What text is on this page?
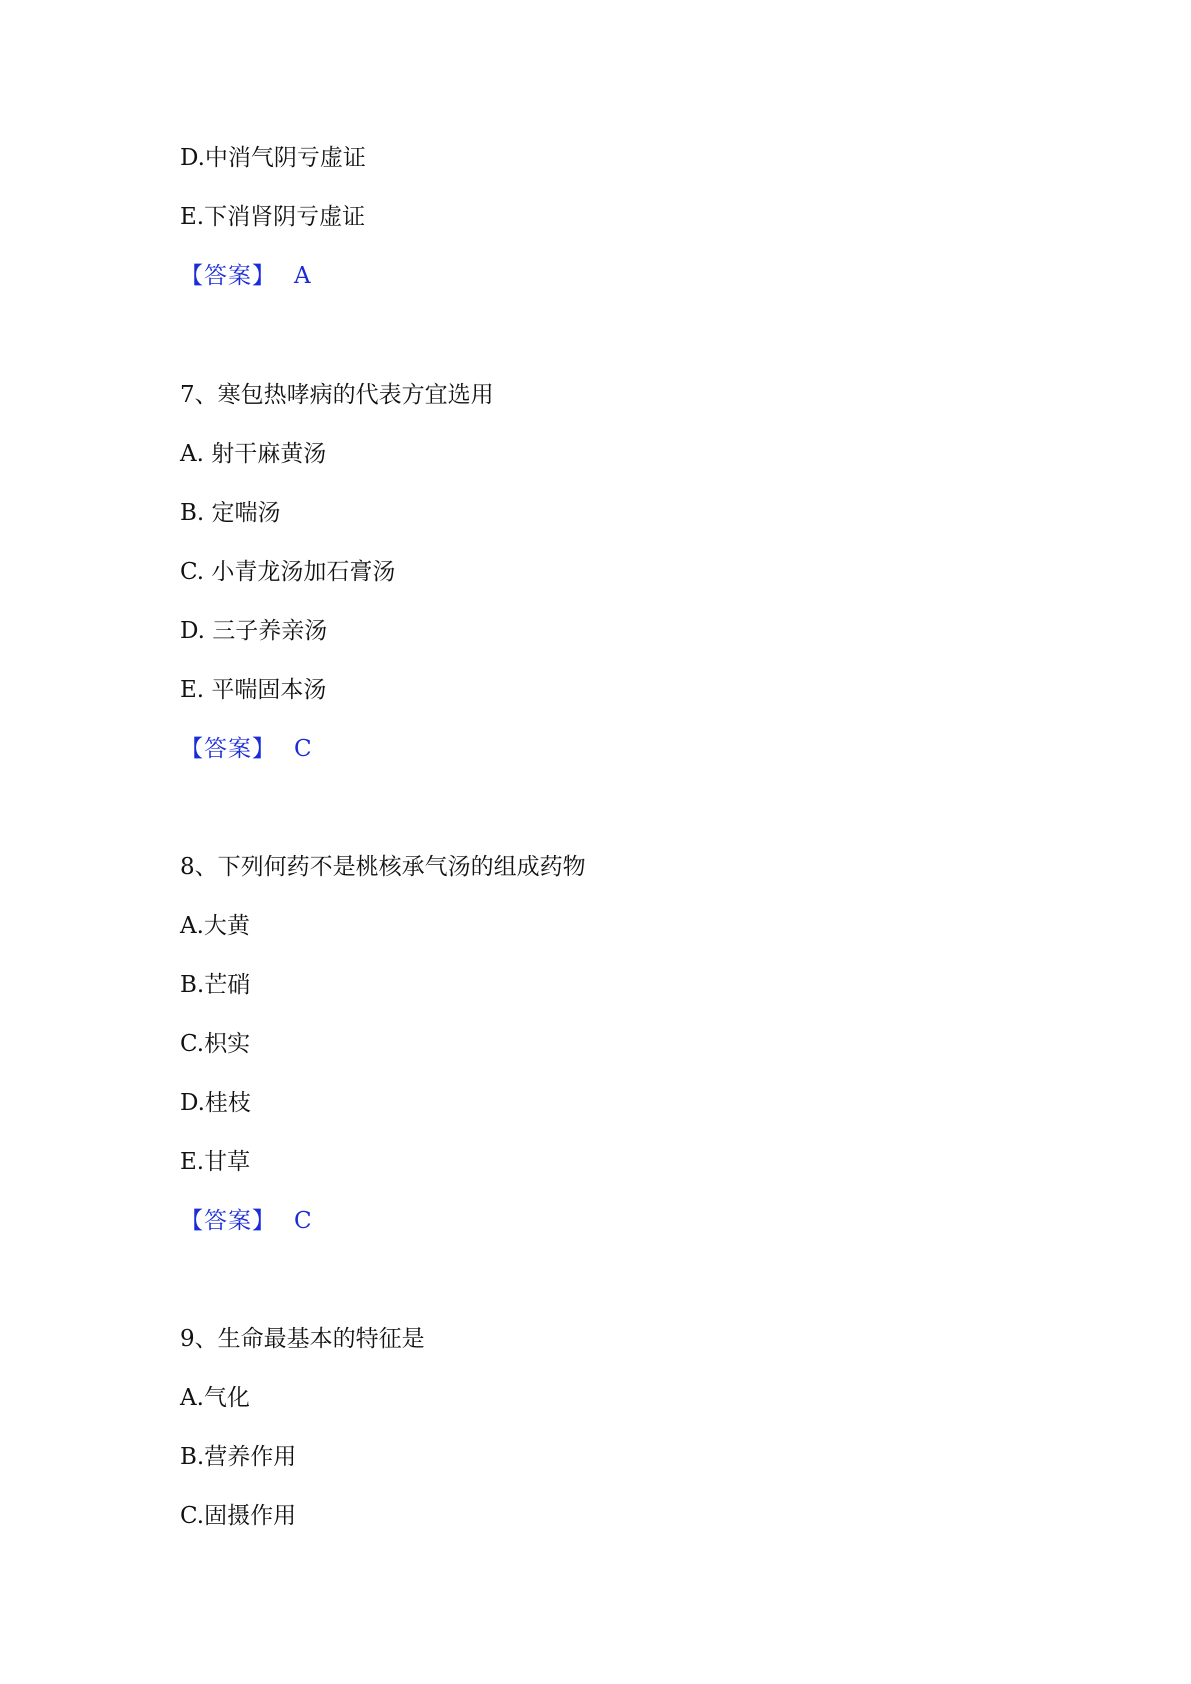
D.中消气阴亏虚证
E.下消肾阴亏虚证
【答案】 A
7、寒包热哮病的代表方宜选用
A. 射干麻黄汤
B. 定喘汤
C. 小青龙汤加石膏汤
D. 三子养亲汤
E. 平喘固本汤
【答案】 C
8、下列何药不是桃核承气汤的组成药物
A.大黄
B.芒硝
C.枳实
D.桂枝
E.甘草
【答案】 C
9、生命最基本的特征是
A.气化
B.营养作用
C.固摄作用
